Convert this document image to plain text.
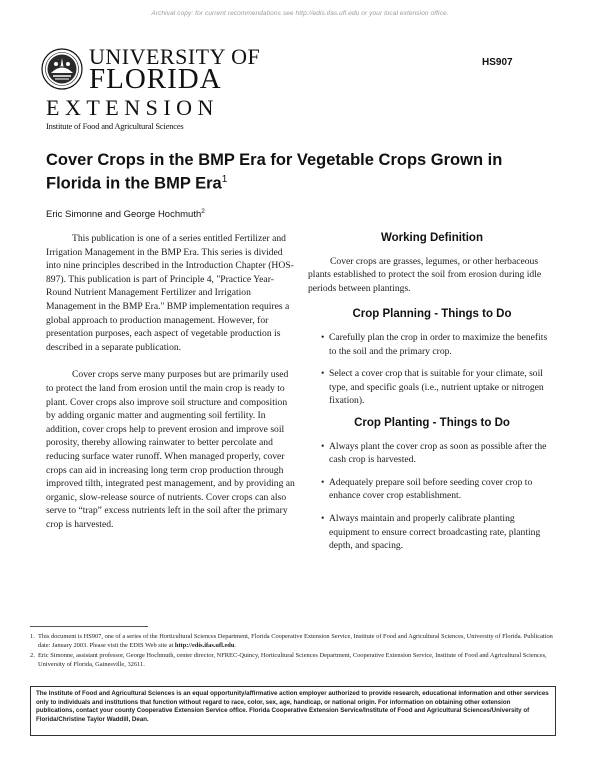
Archival copy: for current recommendations see http://edis.ifas.ufl.edu or your local extension office.
UNIVERSITY OF
FLORIDA
EXTENSION
Institute of Food and Agricultural Sciences
HS907
Cover Crops in the BMP Era for Vegetable Crops Grown in Florida in the BMP Era$^1$
Eric Simonne and George Hochmuth$^2$

This publication is one of a series entitled Fertilizer and Irrigation Management in the BMP Era. This series is divided into nine principles described in the Introduction Chapter (HOS-897). This publication is part of Principle 4, "Practice Year-Round Nutrient Management Fertilizer and Irrigation Management in the BMP Era." BMP implementation requires a global approach to production management. However, for presentation purposes, each aspect of vegetable production is described in a separate publication.

Cover crops serve many purposes but are primarily used to protect the land from erosion until the main crop is ready to plant. Cover crops also improve soil structure and composition by adding organic matter and augmenting soil fertility. In addition, cover crops help to prevent erosion and improve soil porosity, thereby allowing rainwater to better percolate and reducing surface water runoff. When managed properly, cover crops can aid in increasing long term crop production through improved tilth, integrated pest management, and by providing an organic, slow-release source of nutrients. Cover crops can also serve to “trap” excess nutrients left in the soil after the primary crop is harvested.

Working Definition

Cover crops are grasses, legumes, or other herbaceous plants established to protect the soil from erosion during idle periods between plantings.

Crop Planning - Things to Do
• Carefully plan the crop in order to maximize the benefits to the soil and the primary crop.
• Select a cover crop that is suitable for your climate, soil type, and specific goals (i.e., nutrient uptake or nitrogen fixation).
Crop Planting - Things to Do
• Always plant the cover crop as soon as possible after the cash crop is harvested.
• Adequately prepare soil before seeding cover crop to enhance cover crop establishment.
• Always maintain and properly calibrate planting equipment to ensure correct broadcasting rate, planting depth, and spacing.
1. This document is HS907, one of a series of the Horticultural Sciences Department, Florida Cooperative Extension Service, Institute of Food and Agricultural Sciences, University of Florida. Publication date: January 2003. Please visit the EDIS Web site at http://edis.ifas.ufl.edu.
2. Eric Simonne, assistant professor, George Hochmuth, center director, NFREC-Quincy, Horticultural Sciences Department, Cooperative Extension Service, Institute of Food and Agricultural Sciences, University of Florida, Gainesville, 32611.
The Institute of Food and Agricultural Sciences is an equal opportunity/affirmative action employer authorized to provide research, educational information and other services only to individuals and institutions that function without regard to race, color, sex, age, handicap, or national origin. For information on obtaining other extension publications, contact your county Cooperative Extension Service office. Florida Cooperative Extension Service/Institute of Food and Agricultural Sciences/University of Florida/Christine Taylor Waddill, Dean.
